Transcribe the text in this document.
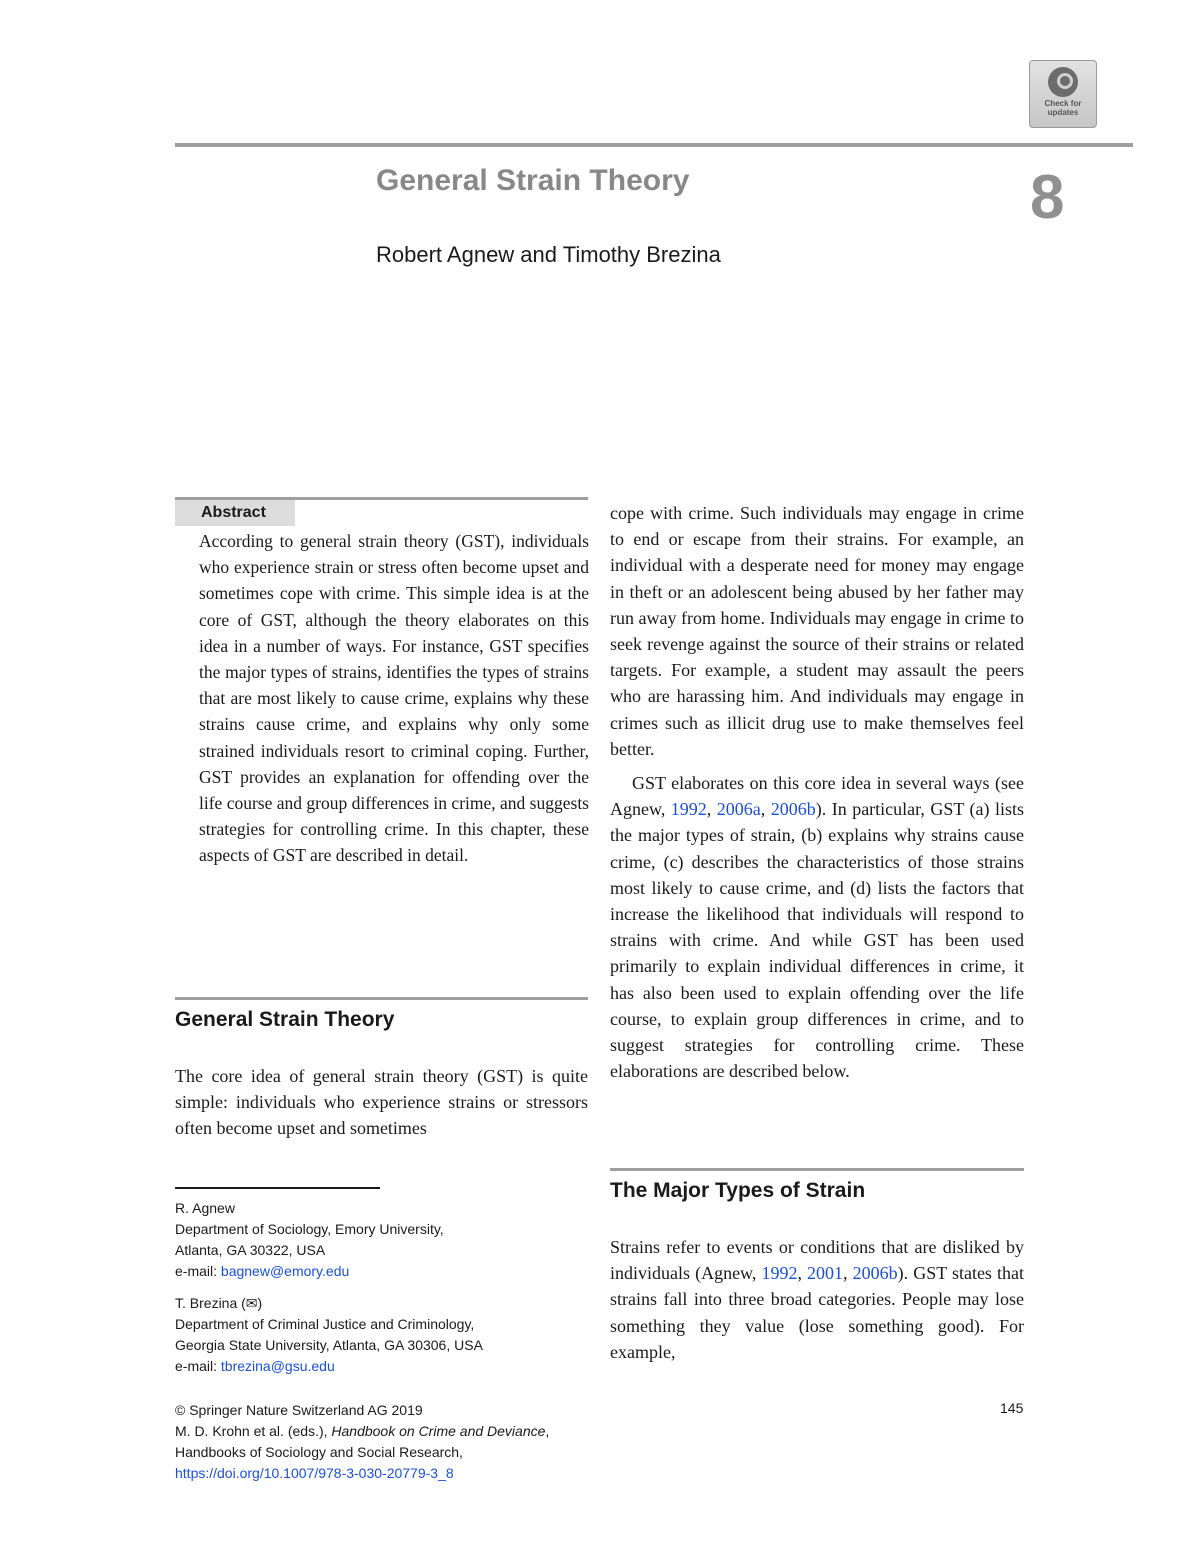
Check for
updates
General Strain Theory	8
Robert Agnew and Timothy Brezina
Abstract
According to general strain theory (GST), individuals who experience strain or stress often become upset and sometimes cope with crime. This simple idea is at the core of GST, although the theory elaborates on this idea in a number of ways. For instance, GST specifies the major types of strains, identifies the types of strains that are most likely to cause crime, explains why these strains cause crime, and explains why only some strained individuals resort to criminal coping. Further, GST provides an explanation for offending over the life course and group differences in crime, and suggests strategies for controlling crime. In this chapter, these aspects of GST are described in detail.
General Strain Theory
The core idea of general strain theory (GST) is quite simple: individuals who experience strains or stressors often become upset and sometimes
R. Agnew
Department of Sociology, Emory University,
Atlanta, GA 30322, USA
e-mail: bagnew@emory.edu
T. Brezina (✉)
Department of Criminal Justice and Criminology,
Georgia State University, Atlanta, GA 30306, USA
e-mail: tbrezina@gsu.edu

cope with crime. Such individuals may engage in crime to end or escape from their strains. For example, an individual with a desperate need for money may engage in theft or an adolescent being abused by her father may run away from home. Individuals may engage in crime to seek revenge against the source of their strains or related targets. For example, a student may assault the peers who are harassing him. And individuals may engage in crimes such as illicit drug use to make themselves feel better.

GST elaborates on this core idea in several ways (see Agnew, 1992, 2006a, 2006b). In particular, GST (a) lists the major types of strain, (b) explains why strains cause crime, (c) describes the characteristics of those strains most likely to cause crime, and (d) lists the factors that increase the likelihood that individuals will respond to strains with crime. And while GST has been used primarily to explain individual differences in crime, it has also been used to explain offending over the life course, to explain group differences in crime, and to suggest strategies for controlling crime. These elaborations are described below.

The Major Types of Strain
Strains refer to events or conditions that are disliked by individuals (Agnew, 1992, 2001, 2006b). GST states that strains fall into three broad categories. People may lose something they value (lose something good). For example,
© Springer Nature Switzerland AG 2019
M. D. Krohn et al. (eds.), Handbook on Crime and Deviance,
Handbooks of Sociology and Social Research,
https://doi.org/10.1007/978-3-030-20779-3_8
145
